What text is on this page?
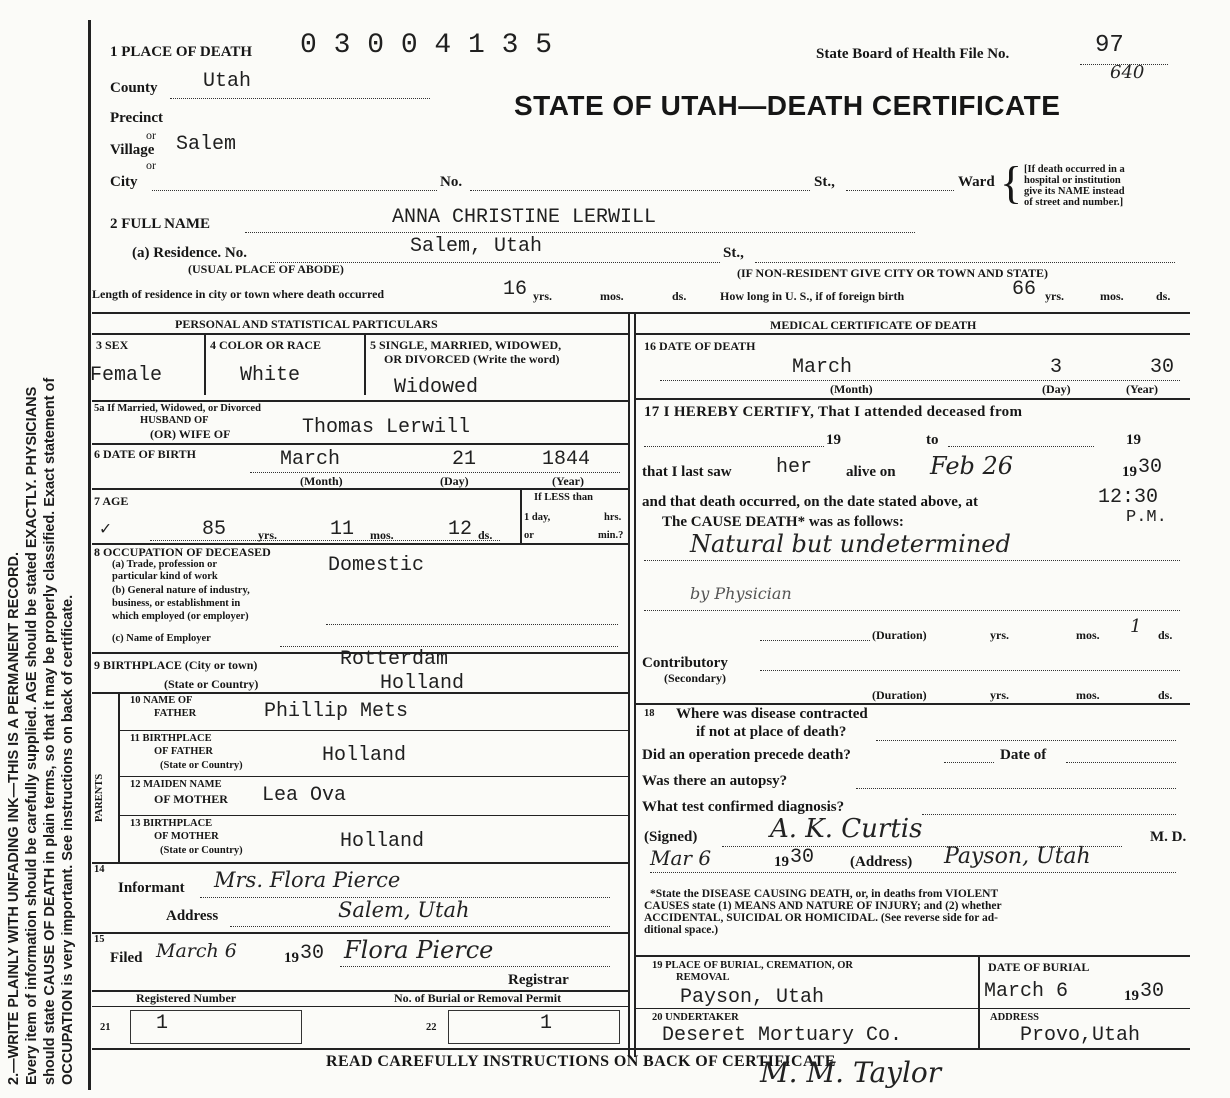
2.—WRITE PLAINLY WITH UNFADING INK—THIS IS A PERMANENT RECORD. Every item of information should be carefully supplied. AGE should be stated EXACTLY. PHYSICIANS should state CAUSE OF DEATH in plain terms, so that it may be properly classified. Exact statement of OCCUPATION is very important. See instructions on back of certificate.
1 PLACE OF DEATH 0 3 0 0 4 1 3 5	State Board of Health File No.	97
640
STATE OF UTAH—DEATH CERTIFICATE
County Utah
Precinct
or
Village Salem
or
City	No.	St.,	Ward { [If death occurred in a
hospital or institution
give its NAME instead
of street and number.]
2 FULL NAME	ANNA CHRISTINE LERWILL
(a) Residence. No.	Salem, Utah	St.,
(USUAL PLACE OF ABODE)	(IF NON-RESIDENT GIVE CITY OR TOWN AND STATE)
Length of residence in city or town where death occurred	16 yrs.	mos.	ds.	How long in U. S., if of foreign birth	66 yrs.	mos.	ds.
PERSONAL AND STATISTICAL PARTICULARS
3 SEX
Female
4 COLOR OR RACE
White
5 SINGLE, MARRIED, WIDOWED,
OR DIVORCED (Write the word)
Widowed
5a If Married, Widowed, or Divorced
HUSBAND OF
(OR) WIFE OF	Thomas Lerwill
6 DATE OF BIRTH	March	21	1844
(Month)	(Day)	(Year)
7 AGE
✓	85	yrs.	11 mos.	12 ds.
If LESS than
1 day,	hrs.
or	min.?
8 OCCUPATION OF DECEASED
(a) Trade, profession or
particular kind of work	Domestic
(b) General nature of industry,
business, or establishment in
which employed (or employer)
(c) Name of Employer
9 BIRTHPLACE (City or town)	Rotterdam
(State or Country)	Holland
PARENTS
10 NAME OF
FATHER	Phillip Mets
11 BIRTHPLACE
OF FATHER
(State or Country)	Holland
12 MAIDEN NAME
OF MOTHER Lea Ova
13 BIRTHPLACE
OF MOTHER
(State or Country)	Holland
14
Informant Mrs. Flora Pierce
Address	Salem, Utah
15
Filed March 6	19 30 Flora Pierce
Registrar
Registered Number	No. of Burial or Removal Permit
21 1	22	1
MEDICAL CERTIFICATE OF DEATH
16 DATE OF DEATH
March	3	30
(Month)	(Day)	(Year)
17 I HEREBY CERTIFY, That I attended deceased from
19	to	19
that I last saw her alive on Feb 26	19 30
and that death occurred, on the date stated above, at	12:30
P.M.
The CAUSE DEATH* was as follows:
Natural but undetermined
by Physician
(Duration)	yrs.	mos. 1 ds.
Contributory
(Secondary)
(Duration)	yrs.	mos.	ds.
18 Where was disease contracted
if not at place of death?
Did an operation precede death?	Date of
Was there an autopsy?
What test confirmed diagnosis?
(Signed)	A. K. Curtis	M. D.
Mar 6	19 30 (Address) Payson, Utah
*State the DISEASE CAUSING DEATH, or, in deaths from VIOLENT
CAUSES state (1) MEANS AND NATURE OF INJURY; and (2) whether
ACCIDENTAL, SUICIDAL OR HOMICIDAL. (See reverse side for ad-
ditional space.)
19 PLACE OF BURIAL, CREMATION, OR
REMOVAL
Payson, Utah
DATE OF BURIAL
March 6	19 30
20 UNDERTAKER
Deseret Mortuary Co.
ADDRESS
Provo,Utah
READ CAREFULLY INSTRUCTIONS ON BACK OF CERTIFICATE
M. M. Taylor
